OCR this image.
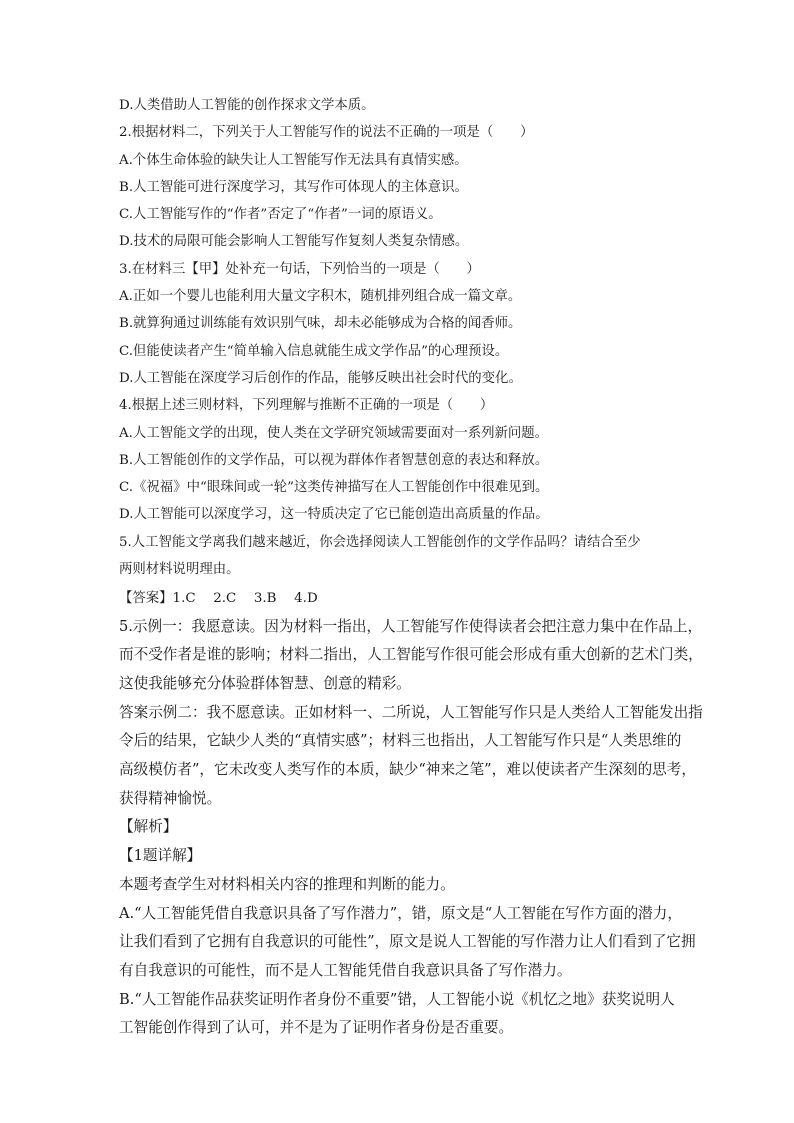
D.人类借助人工智能的创作探求文学本质。
2.根据材料二，下列关于人工智能写作的说法不正确的一项是（　　）
A.个体生命体验的缺失让人工智能写作无法具有真情实感。
B.人工智能可进行深度学习，其写作可体现人的主体意识。
C.人工智能写作的“作者”否定了“作者”一词的原语义。
D.技术的局限可能会影响人工智能写作复刻人类复杂情感。
3.在材料三【甲】处补充一句话，下列恰当的一项是（　　）
A.正如一个婴儿也能利用大量文字积木，随机排列组合成一篇文章。
B.就算狗通过训练能有效识别气味，却未必能够成为合格的闻香师。
C.但能使读者产生“简单输入信息就能生成文学作品”的心理预设。
D.人工智能在深度学习后创作的作品，能够反映出社会时代的变化。
4.根据上述三则材料，下列理解与推断不正确的一项是（　　）
A.人工智能文学的出现，使人类在文学研究领域需要面对一系列新问题。
B.人工智能创作的文学作品，可以视为群体作者智慧创意的表达和释放。
C.《祝福》中“眼珠间或一轮”这类传神描写在人工智能创作中很难见到。
D.人工智能可以深度学习，这一特质决定了它已能创造出高质量的作品。
5.人工智能文学离我们越来越近，你会选择阅读人工智能创作的文学作品吗？请结合至少
两则材料说明理由。
【答案】1.C　 2.C　 3.B　 4.D
5.示例一：我愿意读。因为材料一指出，人工智能写作使得读者会把注意力集中在作品上，
而不受作者是谁的影响；材料二指出，人工智能写作很可能会形成有重大创新的艺术门类，
这使我能够充分体验群体智慧、创意的精彩。
答案示例二：我不愿意读。正如材料一、二所说，人工智能写作只是人类给人工智能发出指
令后的结果，它缺少人类的“真情实感”；材料三也指出，人工智能写作只是“人类思维的
高级模仿者”，它未改变人类写作的本质，缺少“神来之笔”，难以使读者产生深刻的思考，
获得精神愉悦。
【解析】
【1题详解】
本题考查学生对材料相关内容的推理和判断的能力。
A.“人工智能凭借自我意识具备了写作潜力”，错，原文是“人工智能在写作方面的潜力，
让我们看到了它拥有自我意识的可能性”，原文是说人工智能的写作潜力让人们看到了它拥
有自我意识的可能性，而不是人工智能凭借自我意识具备了写作潜力。
B.“人工智能作品获奖证明作者身份不重要”错，人工智能小说《机忆之地》获奖说明人
工智能创作得到了认可，并不是为了证明作者身份是否重要。
